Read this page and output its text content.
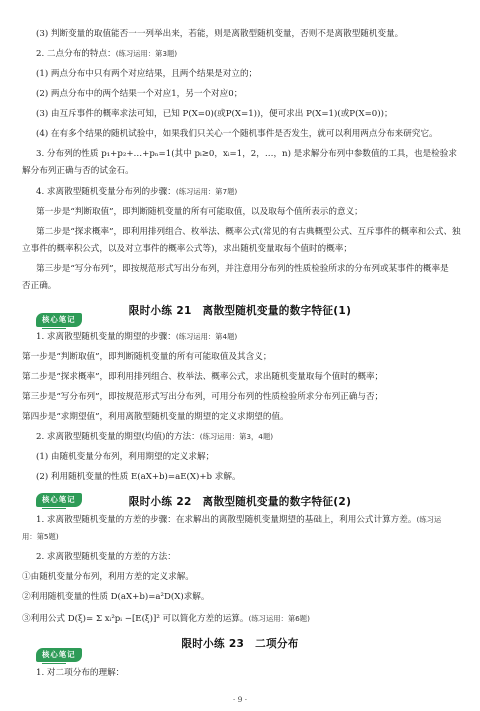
(3) 判断变量的取值能否一一列举出来，若能，则是离散型随机变量，否则不是离散型随机变量。
2. 二点分布的特点：(练习运用：第3题)
(1) 两点分布中只有两个对应结果，且两个结果是对立的；
(2) 两点分布中的两个结果一个对应1，另一个对应0；
(3) 由互斥事件的概率求法可知，已知 P(X=0)(或P(X=1))，便可求出 P(X=1)(或P(X=0))；
(4) 在有多个结果的随机试验中，如果我们只关心一个随机事件是否发生，就可以利用两点分布来研究它。
3. 分布列的性质 p₁+p₂+…+pₙ=1(其中 pᵢ≥0，xᵢ=1，2，…，n) 是求解分布列中参数值的工具，也是检验求
解分布列正确与否的试金石。
4. 求离散型随机变量分布列的步骤：(练习运用：第7题)
第一步是“判断取值”，即判断随机变量的所有可能取值，以及取每个值所表示的意义；
第二步是“探求概率”，即利用排列组合、枚举法、概率公式(常见的有古典概型公式、互斥事件的概率和公式、独
立事件的概率积公式，以及对立事件的概率公式等)，求出随机变量取每个值时的概率；
第三步是“写分布列”，即按规范形式写出分布列，并注意用分布列的性质检验所求的分布列或某事件的概率是
否正确。
限时小练 21　离散型随机变量的数字特征(1)
核心笔记
1. 求离散型随机变量的期望的步骤：(练习运用：第4题)
第一步是“判断取值”，即判断随机变量的所有可能取值及其含义；
第二步是“探求概率”，即利用排列组合、枚举法、概率公式，求出随机变量取每个值时的概率；
第三步是“写分布列”，即按规范形式写出分布列，可用分布列的性质检验所求分布列正确与否；
第四步是“求期望值”，利用离散型随机变量的期望的定义求期望的值。
2. 求离散型随机变量的期望(均值)的方法：(练习运用：第3，4题)
(1) 由随机变量分布列，利用期望的定义求解；
(2) 利用随机变量的性质 E(aX+b)=aE(X)+b 求解。
限时小练 22　离散型随机变量的数字特征(2)
核心笔记
1. 求离散型随机变量的方差的步骤：在求解出的离散型随机变量期望的基础上，利用公式计算方差。(练习运
用：第5题)
2. 求离散型随机变量的方差的方法：
①由随机变量分布列，利用方差的定义求解。
②利用随机变量的性质 D(aX+b)=a²D(X)求解。
③利用公式 D(ξ)= Σ xᵢ²pᵢ −[E(ξ)]² 可以简化方差的运算。(练习运用：第6题)
限时小练 23　二项分布
核心笔记
1. 对二项分布的理解：
· 9 ·
